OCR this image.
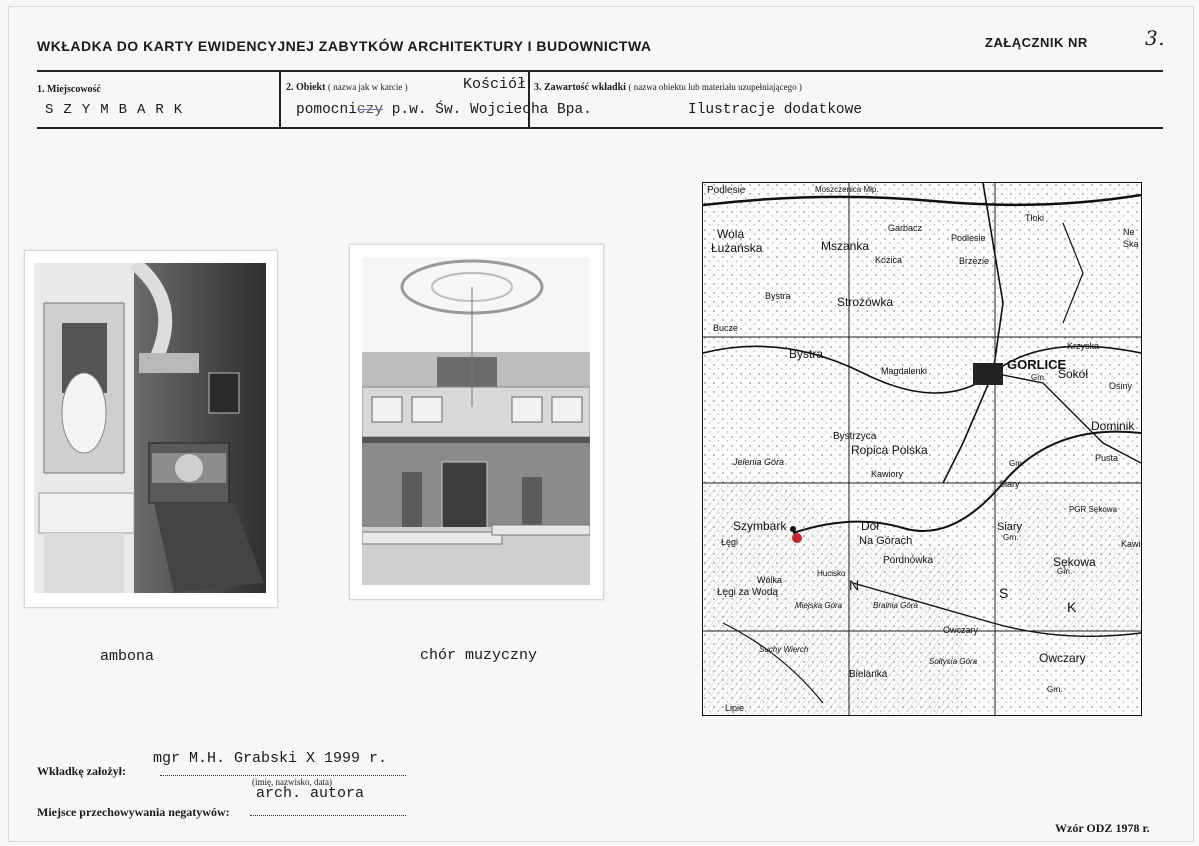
WKŁADKA DO KARTY EWIDENCYJNEJ ZABYTKÓW ARCHITEKTURY I BUDOWNICTWA	ZAŁĄCZNIK NR	3.
1. Miejscowość
SZYMBARK
2. Obiekt ( nazwa jak w karcie )	Kościół
pomocniczy p.w. Św. Wojciecha Bpa.
3. Zawartość wkładki ( nazwa obiektu lub materiału uzupełniającego )
Ilustracje dodatkowe
ambona	chór muzyczny
Podlesie	Moszczenica Młp.
Wola
Łużańska	Mszanka
Garbacz
Kożica
Podlesie
Brzezie
Tłoki
Strożówka
Bystra
Bucze
Bystra
GORLICE
Sokół
Osiny
Magdalenki
Krzyska
Bystrzyca
Ropica Polska
Dominik
Pusta
Jelenia Góra
Kawiory
Szymbark	Dół
Na Górach
Siary
Siary
PGR Sękowa
Sękowa
Gm.
Łęgi
Wólka
Łęgi za Wodą
Hucisko
Miejska Góra	Bralnia Góra
Pordnówka
Owczary
Owczary
Sołtysia Góra
Bielanka
Suchy Wierch
Lipie
Gm.
Grn.
N	S
K
Kawi
Ska
Ne
Grn.
Gm.
mgr M.H. Grabski X 1999 r.
Wkładkę założył:
(imię, nazwisko, data)
arch. autora
Miejsce przechowywania negatywów:
Wzór ODZ 1978 r.
